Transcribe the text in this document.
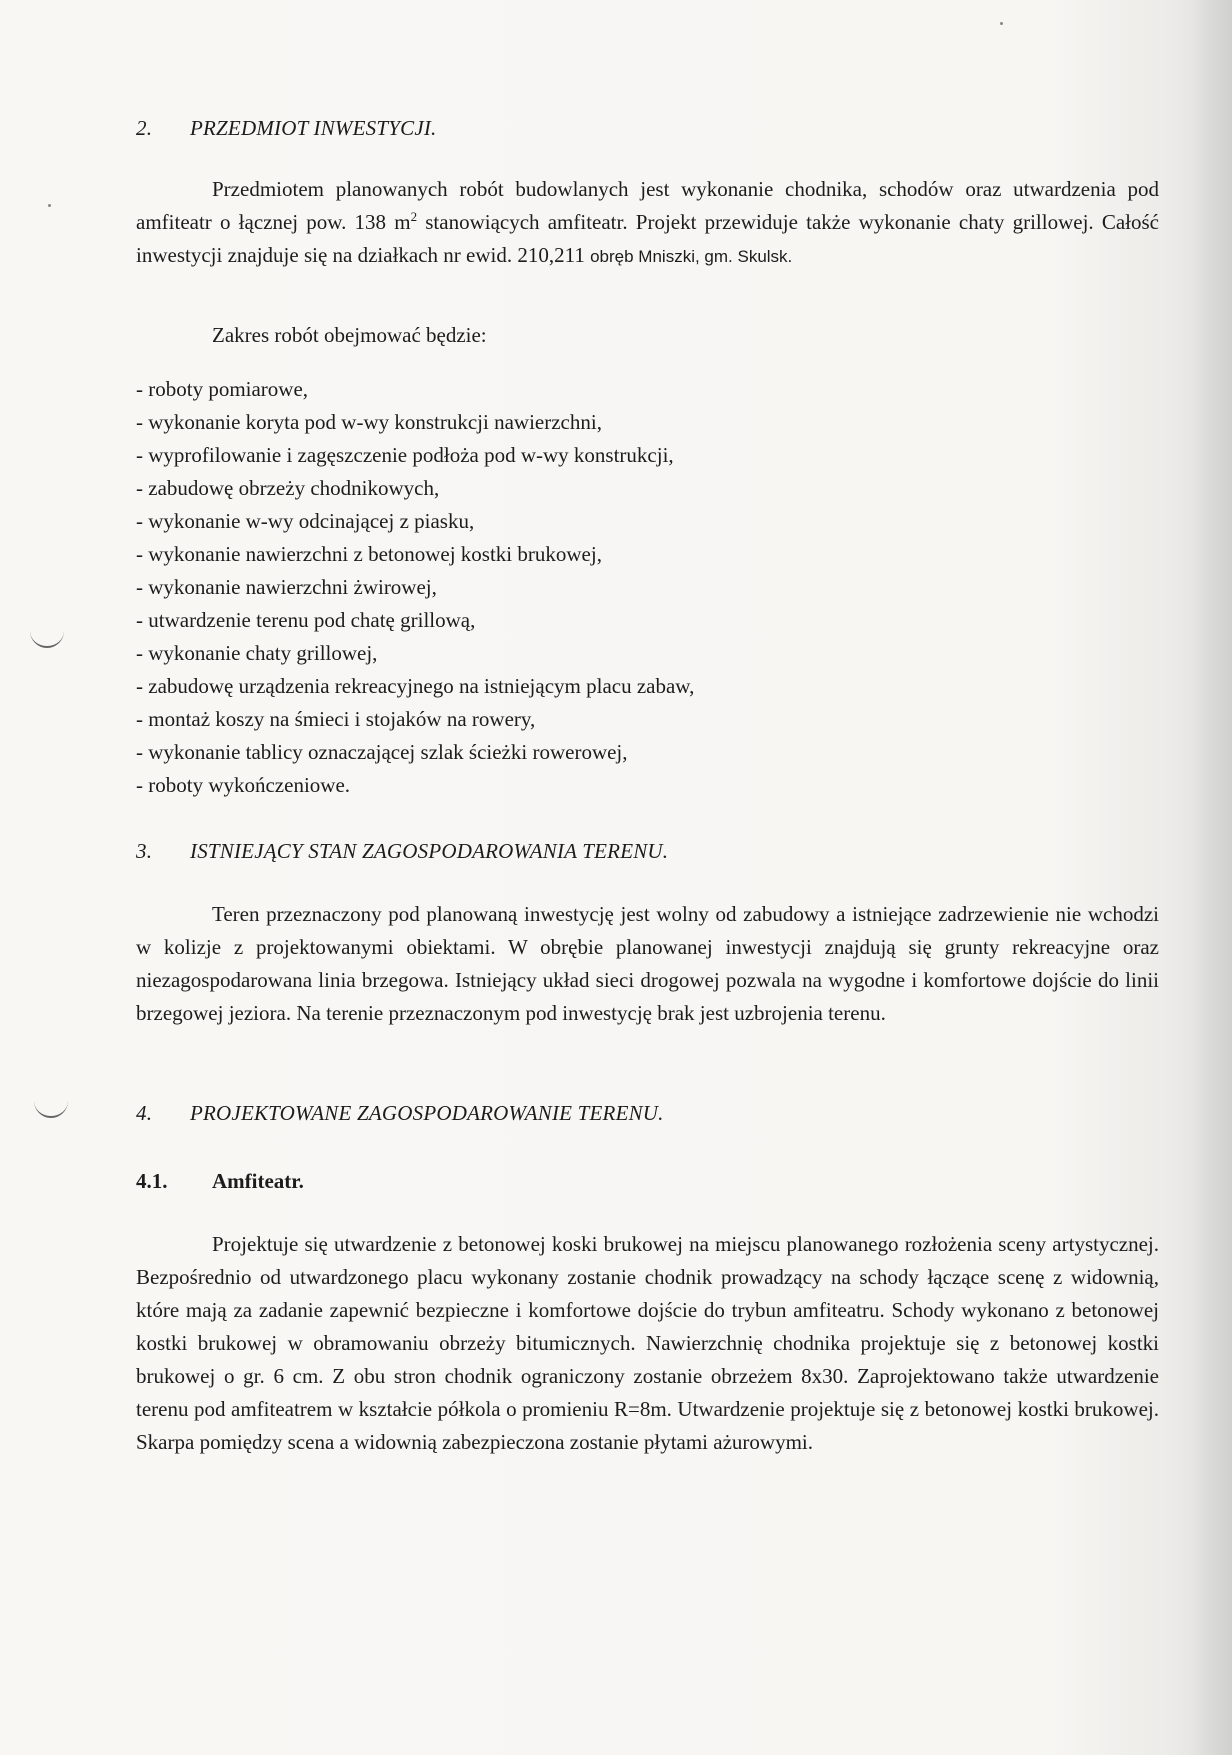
2. PRZEDMIOT INWESTYCJI.
Przedmiotem planowanych robót budowlanych jest wykonanie chodnika, schodów oraz utwardzenia pod amfiteatr o łącznej pow. 138 $m^2$ stanowiących amfiteatr. Projekt przewiduje także wykonanie chaty grillowej. Całość inwestycji znajduje się na działkach nr ewid. 210,211 obręb Mniszki, gm. Skulsk.
Zakres robót obejmować będzie:
- roboty pomiarowe,
- wykonanie koryta pod w-wy konstrukcji nawierzchni,
- wyprofilowanie i zagęszczenie podłoża pod w-wy konstrukcji,
- zabudowę obrzeży chodnikowych,
- wykonanie w-wy odcinającej z piasku,
- wykonanie nawierzchni z betonowej kostki brukowej,
- wykonanie nawierzchni żwirowej,
- utwardzenie terenu pod chatę grillową,
- wykonanie chaty grillowej,
- zabudowę urządzenia rekreacyjnego na istniejącym placu zabaw,
- montaż koszy na śmieci i stojaków na rowery,
- wykonanie tablicy oznaczającej szlak ścieżki rowerowej,
- roboty wykończeniowe.
3. ISTNIEJĄCY STAN ZAGOSPODAROWANIA TERENU.
Teren przeznaczony pod planowaną inwestycję jest wolny od zabudowy a istniejące zadrzewienie nie wchodzi w kolizje z projektowanymi obiektami. W obrębie planowanej inwestycji znajdują się grunty rekreacyjne oraz niezagospodarowana linia brzegowa. Istniejący układ sieci drogowej pozwala na wygodne i komfortowe dojście do linii brzegowej jeziora. Na terenie przeznaczonym pod inwestycję brak jest uzbrojenia terenu.
4. PROJEKTOWANE ZAGOSPODAROWANIE TERENU.
4.1. Amfiteatr.
Projektuje się utwardzenie z betonowej koski brukowej na miejscu planowanego rozłożenia sceny artystycznej. Bezpośrednio od utwardzonego placu wykonany zostanie chodnik prowadzący na schody łączące scenę z widownią, które mają za zadanie zapewnić bezpieczne i komfortowe dojście do trybun amfiteatru. Schody wykonano z betonowej kostki brukowej w obramowaniu obrzeży bitumicznych. Nawierzchnię chodnika projektuje się z betonowej kostki brukowej o gr. 6 cm. Z obu stron chodnik ograniczony zostanie obrzeżem 8x30. Zaprojektowano także utwardzenie terenu pod amfiteatrem w kształcie półkola o promieniu R=8m. Utwardzenie projektuje się z betonowej kostki brukowej. Skarpa pomiędzy scena a widownią zabezpieczona zostanie płytami ażurowymi.
